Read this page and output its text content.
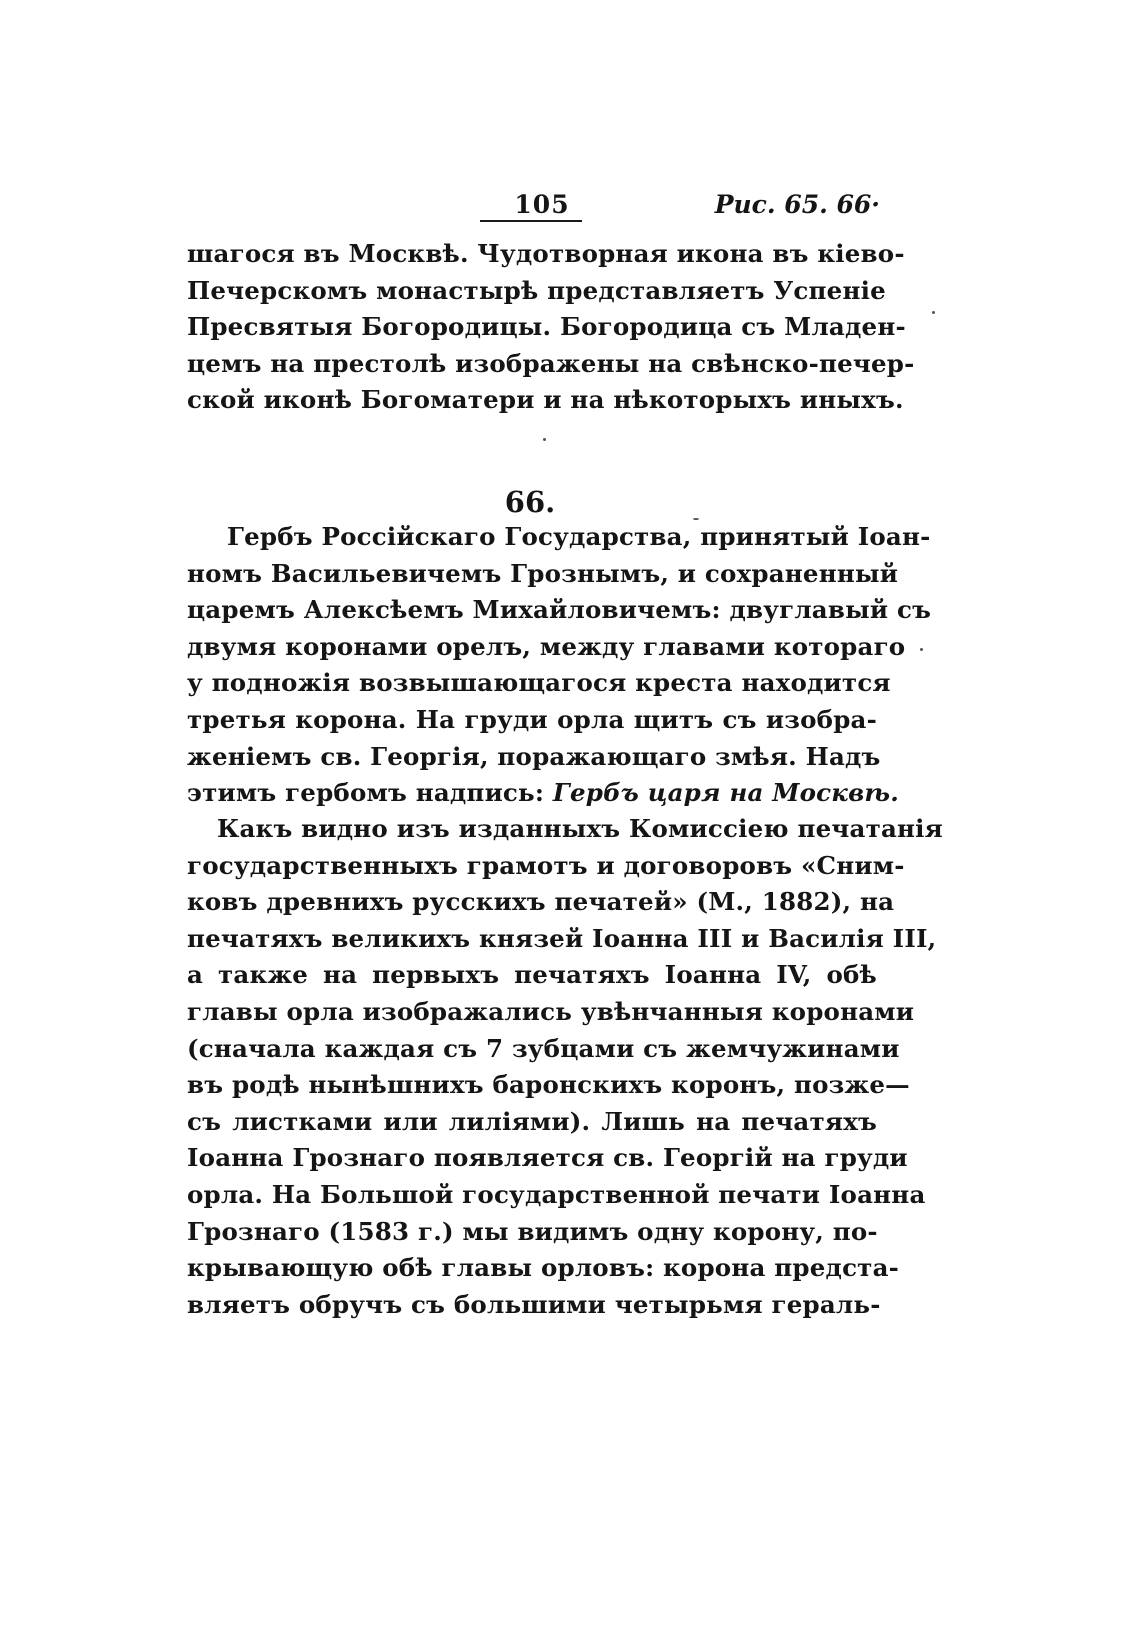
105	Рис. 65. 66·
шагося въ Москвѣ. Чудотворная икона въ кіево-
Печерскомъ монастырѣ представляетъ Успеніе
Пресвятыя Богородицы. Богородица съ Младен-
цемъ на престолѣ изображены на свѣнско-печер-
ской иконѣ Богоматери и на нѣкоторыхъ иныхъ.
66.
Гербъ Россійскаго Государства, принятый Іоан-
номъ Васильевичемъ Грознымъ, и сохраненный
царемъ Алексѣемъ Михайловичемъ: двуглавый съ
двумя коронами орелъ, между главами котораго
у подножія возвышающагося креста находится
третья корона. На груди орла щитъ съ изобра-
женіемъ св. Георгія, поражающаго змѣя. Надъ
этимъ гербомъ надпись: Гербъ царя на Москвѣ.
Какъ видно изъ изданныхъ Комиссіею печатанія
государственныхъ грамотъ и договоровъ «Сним-
ковъ древнихъ русскихъ печатей» (М., 1882), на
печатяхъ великихъ князей Іоанна III и Василія III,
а также на первыхъ печатяхъ Іоанна IV, обѣ
главы орла изображались увѣнчанныя коронами
(сначала каждая съ 7 зубцами съ жемчужинами
въ родѣ нынѣшнихъ баронскихъ коронъ, позже—
съ листками или лиліями). Лишь на печатяхъ
Іоанна Грознаго появляется св. Георгій на груди
орла. На Большой государственной печати Іоанна
Грознаго (1583 г.) мы видимъ одну корону, по-
крывающую обѣ главы орловъ: корона предста-
вляетъ обручъ съ большими четырьмя гераль-
